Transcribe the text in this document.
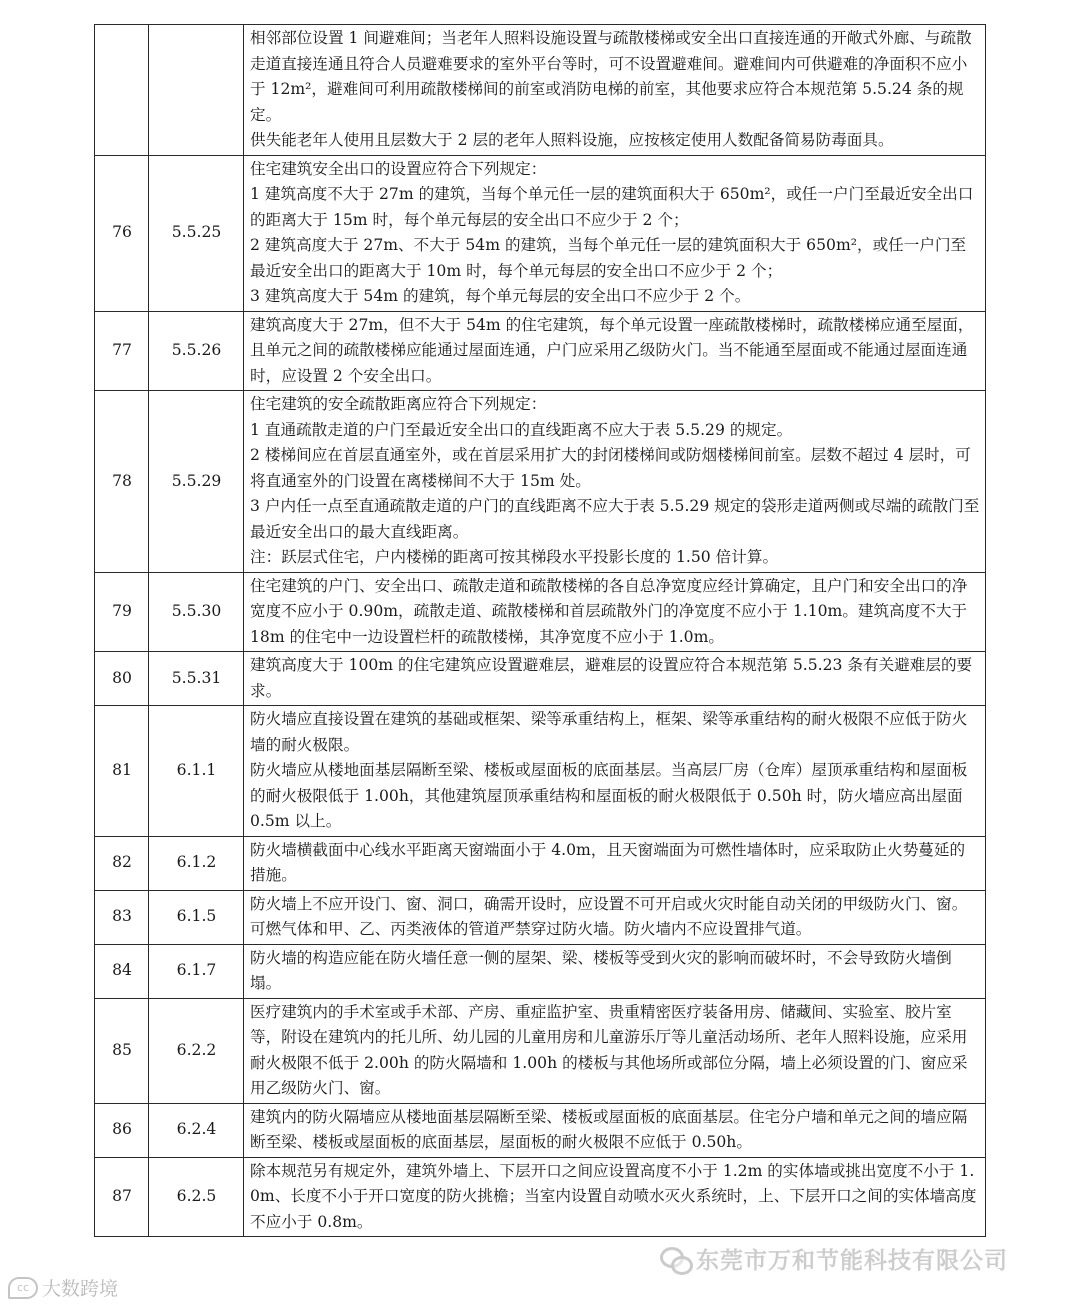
		相邻部位设置 1 间避难间；当老年人照料设施设置与疏散楼梯或安全出口直接连通的开敞式外廊、与疏散走道直接连通且符合人员避难要求的室外平台等时，可不设置避难间。避难间内可供避难的净面积不应小于 12m²，避难间可利用疏散楼梯间的前室或消防电梯的前室，其他要求应符合本规范第 5.5.24 条的规定。
供失能老年人使用且层数大于 2 层的老年人照料设施，应按核定使用人数配备简易防毒面具。

76	5.5.25	住宅建筑安全出口的设置应符合下列规定：
1 建筑高度不大于 27m 的建筑，当每个单元任一层的建筑面积大于 650m²，或任一户门至最近安全出口的距离大于 15m 时，每个单元每层的安全出口不应少于 2 个；
2 建筑高度大于 27m、不大于 54m 的建筑，当每个单元任一层的建筑面积大于 650m²，或任一户门至最近安全出口的距离大于 10m 时，每个单元每层的安全出口不应少于 2 个；
3 建筑高度大于 54m 的建筑，每个单元每层的安全出口不应少于 2 个。

77	5.5.26	建筑高度大于 27m，但不大于 54m 的住宅建筑，每个单元设置一座疏散楼梯时，疏散楼梯应通至屋面，且单元之间的疏散楼梯应能通过屋面连通，户门应采用乙级防火门。当不能通至屋面或不能通过屋面连通时，应设置 2 个安全出口。

78	5.5.29	住宅建筑的安全疏散距离应符合下列规定：
1 直通疏散走道的户门至最近安全出口的直线距离不应大于表 5.5.29 的规定。
2 楼梯间应在首层直通室外，或在首层采用扩大的封闭楼梯间或防烟楼梯间前室。层数不超过 4 层时，可将直通室外的门设置在离楼梯间不大于 15m 处。
3 户内任一点至直通疏散走道的户门的直线距离不应大于表 5.5.29 规定的袋形走道两侧或尽端的疏散门至最近安全出口的最大直线距离。
注：跃层式住宅，户内楼梯的距离可按其梯段水平投影长度的 1.50 倍计算。

79	5.5.30	住宅建筑的户门、安全出口、疏散走道和疏散楼梯的各自总净宽度应经计算确定，且户门和安全出口的净宽度不应小于 0.90m，疏散走道、疏散楼梯和首层疏散外门的净宽度不应小于 1.10m。建筑高度不大于 18m 的住宅中一边设置栏杆的疏散楼梯，其净宽度不应小于 1.0m。

80	5.5.31	建筑高度大于 100m 的住宅建筑应设置避难层，避难层的设置应符合本规范第 5.5.23 条有关避难层的要求。

81	6.1.1	防火墙应直接设置在建筑的基础或框架、梁等承重结构上，框架、梁等承重结构的耐火极限不应低于防火墙的耐火极限。
防火墙应从楼地面基层隔断至梁、楼板或屋面板的底面基层。当高层厂房（仓库）屋顶承重结构和屋面板的耐火极限低于 1.00h，其他建筑屋顶承重结构和屋面板的耐火极限低于 0.50h 时，防火墙应高出屋面 0.5m 以上。

82	6.1.2	防火墙横截面中心线水平距离天窗端面小于 4.0m，且天窗端面为可燃性墙体时，应采取防止火势蔓延的措施。

83	6.1.5	防火墙上不应开设门、窗、洞口，确需开设时，应设置不可开启或火灾时能自动关闭的甲级防火门、窗。
可燃气体和甲、乙、丙类液体的管道严禁穿过防火墙。防火墙内不应设置排气道。

84	6.1.7	防火墙的构造应能在防火墙任意一侧的屋架、梁、楼板等受到火灾的影响而破坏时，不会导致防火墙倒塌。

85	6.2.2	医疗建筑内的手术室或手术部、产房、重症监护室、贵重精密医疗装备用房、储藏间、实验室、胶片室等，附设在建筑内的托儿所、幼儿园的儿童用房和儿童游乐厅等儿童活动场所、老年人照料设施，应采用耐火极限不低于 2.00h 的防火隔墙和 1.00h 的楼板与其他场所或部位分隔，墙上必须设置的门、窗应采用乙级防火门、窗。

86	6.2.4	建筑内的防火隔墙应从楼地面基层隔断至梁、楼板或屋面板的底面基层。住宅分户墙和单元之间的墙应隔断至梁、楼板或屋面板的底面基层，屋面板的耐火极限不应低于 0.50h。

87	6.2.5	除本规范另有规定外，建筑外墙上、下层开口之间应设置高度不小于 1.2m 的实体墙或挑出宽度不小于 1.0m、长度不小于开口宽度的防火挑檐；当室内设置自动喷水灭火系统时，上、下层开口之间的实体墙高度不应小于 0.8m。
cc 大数跨境
东莞市万和节能科技有限公司
